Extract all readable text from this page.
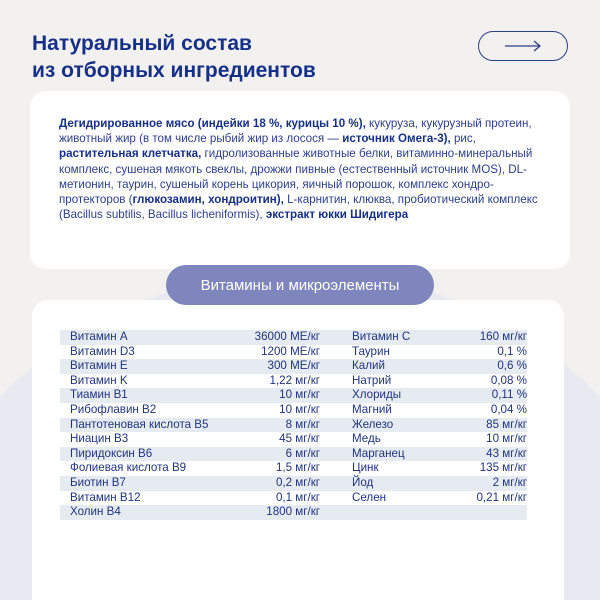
Натуральный состав
из отборных ингредиентов

Дегидрированное мясо (индейки 18 %, курицы 10 %), кукуруза, кукурузный протеин, животный жир (в том числе рыбий жир из лосося — источник Омега-3), рис, растительная клетчатка, гидролизованные животные белки, витаминно-минеральный комплекс, сушеная мякоть свеклы, дрожжи пивные (естественный источник MOS), DL-метионин, таурин, сушеный корень цикория, яичный порошок, комплекс хондро-протекторов (глюкозамин, хондроитин), L-карнитин, клюква, пробиотический комплекс (Bacillus subtilis, Bacillus licheniformis), экстракт юкки Шидигера

Витамины и микроэлементы
Витамин A	36000 МЕ/кг	Витамин C	160 мг/кг
Витамин D3	1200 МЕ/кг	Таурин	0,1 %
Витамин E	300 МЕ/кг	Калий	0,6 %
Витамин K	1,22 мг/кг	Натрий	0,08 %
Тиамин B1	10 мг/кг	Хлориды	0,11 %
Рибофлавин B2	10 мг/кг	Магний	0,04 %
Пантотеновая кислота B5	8 мг/кг	Железо	85 мг/кг
Ниацин B3	45 мг/кг	Медь	10 мг/кг
Пиридоксин B6	6 мг/кг	Марганец	43 мг/кг
Фолиевая кислота B9	1,5 мг/кг	Цинк	135 мг/кг
Биотин B7	0,2 мг/кг	Йод	2 мг/кг
Витамин B12	0,1 мг/кг	Селен	0,21 мг/кг
Холин B4	1800 мг/кг
